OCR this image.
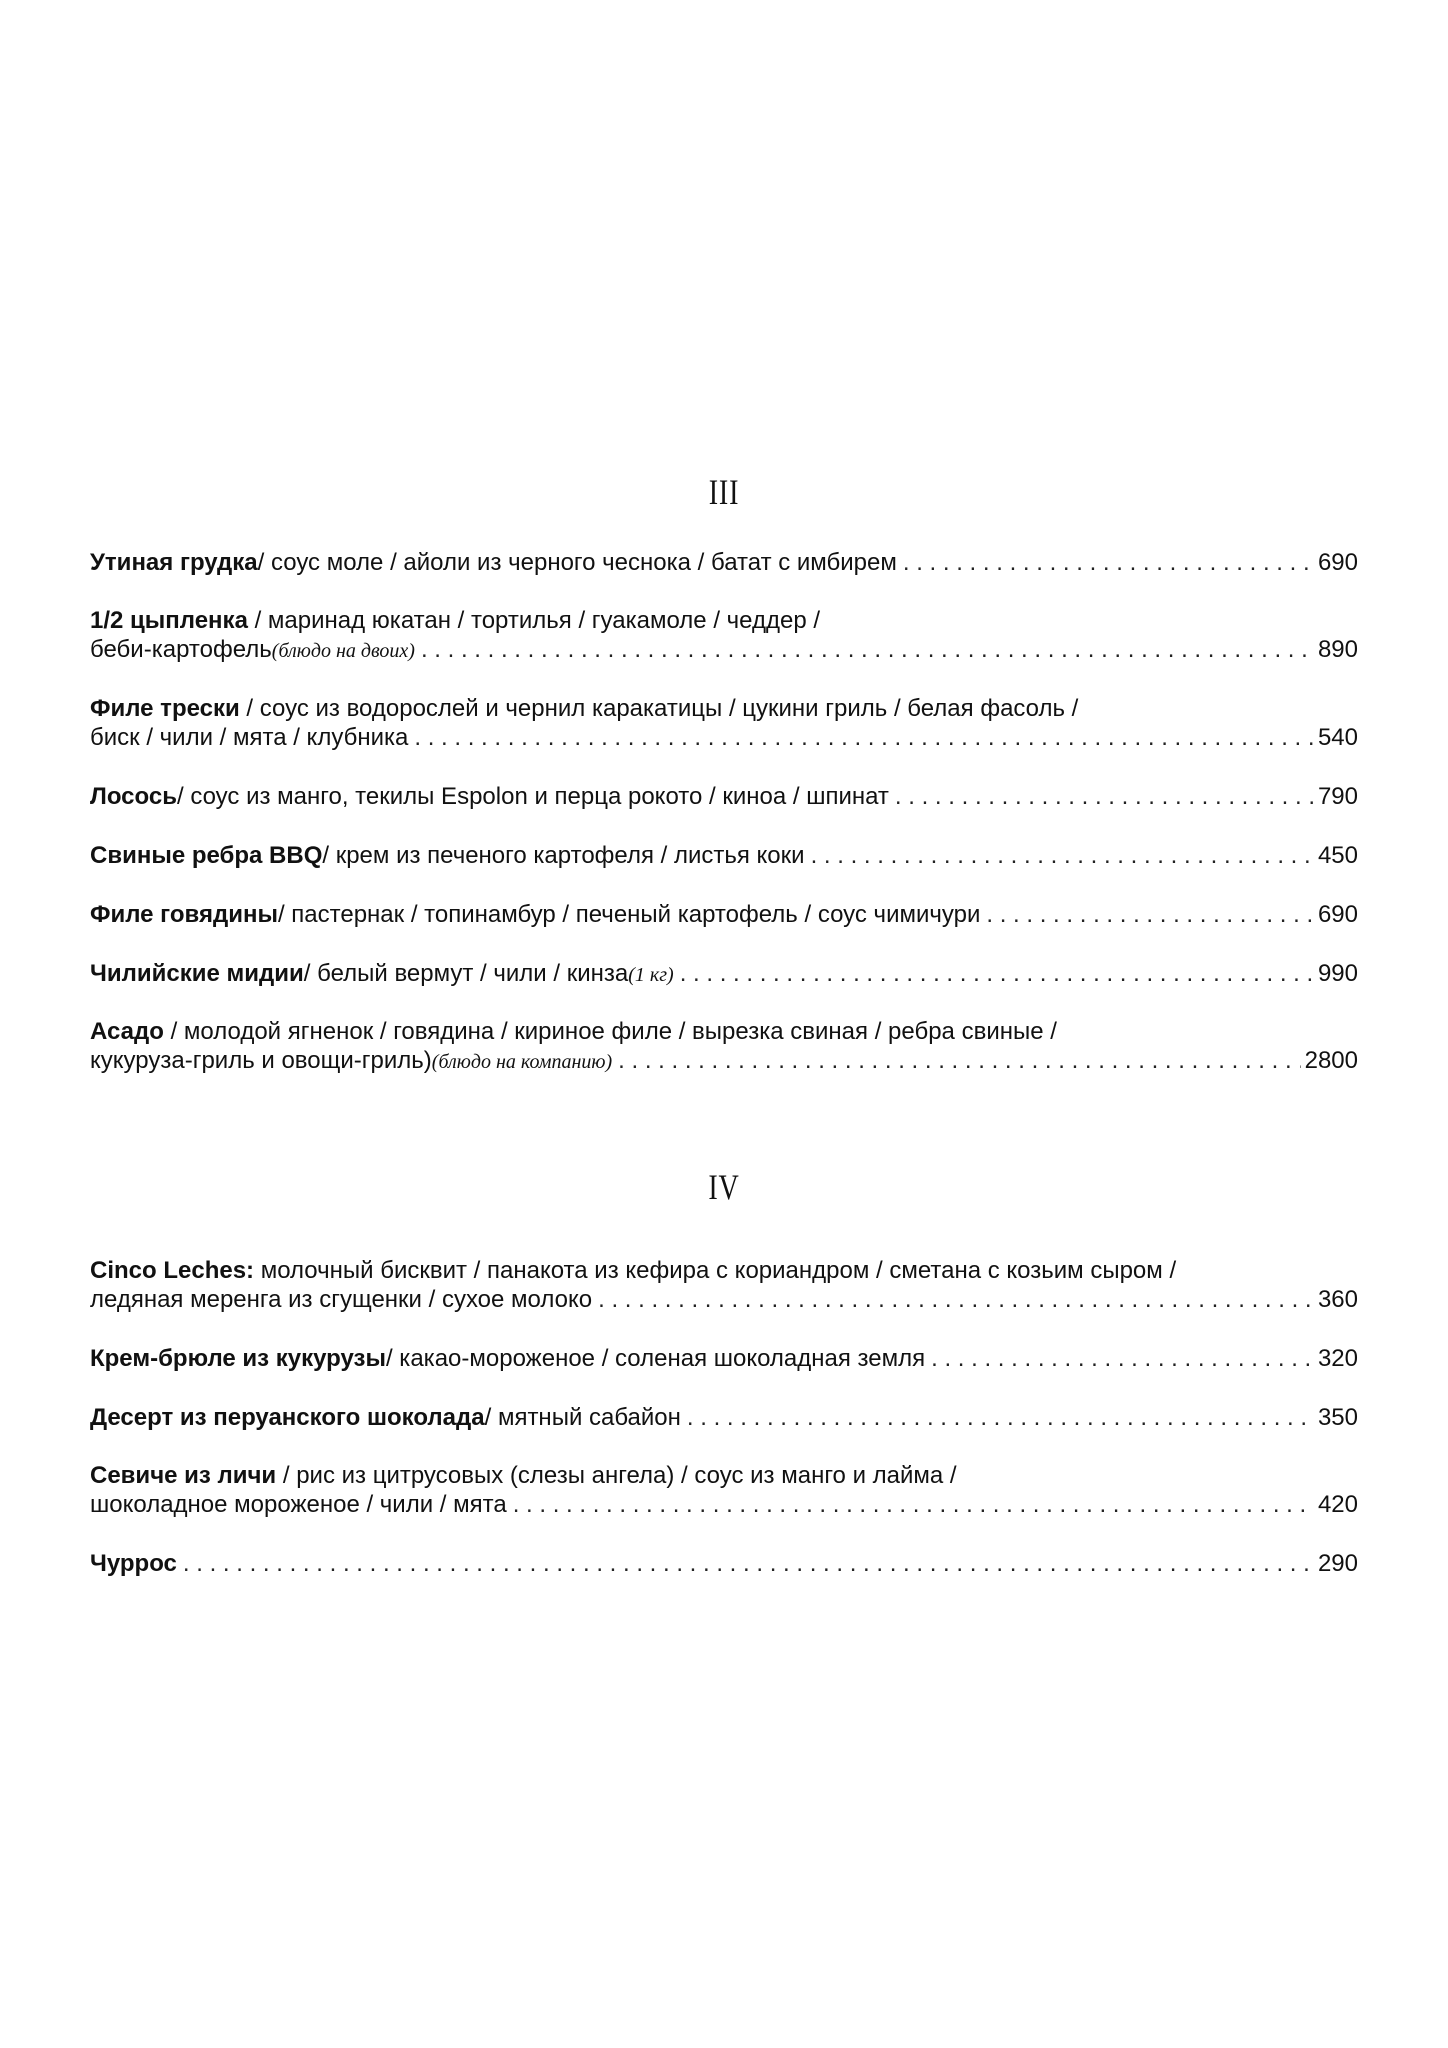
III
Утиная грудка / соус моле / айоли из черного чеснока / батат с имбирем . . .	690
1/2 цыпленка / маринад юкатан / тортилья / гуакамоле / чеддер /
беби-картофель (блюдо на двоих) . . .	890
Филе трески / соус из водорослей и чернил каракатицы / цукини гриль / белая фасоль /
биск / чили / мята / клубника . . .	540
Лосось / соус из манго, текилы Espolon и перца рокото / киноа / шпинат . . .	790
Свиные ребра BBQ / крем из печеного картофеля / листья коки . . .	450
Филе говядины / пастернак / топинамбур / печеный картофель / соус чимичури . . .	690
Чилийские мидии / белый вермут / чили / кинза (1 кг) . . .	990
Асадо / молодой ягненок / говядина / кириное филе / вырезка свиная / ребра свиные /
кукуруза-гриль и овощи-гриль) (блюдо на компанию) . . .	2800
IV
Cinco Leches: молочный бисквит / панакота из кефира с кориандром / сметана с козьим сыром /
ледяная меренга из сгущенки / сухое молоко . . .	360
Крем-брюле из кукурузы / какао-мороженое / соленая шоколадная земля . . .	320
Десерт из перуанского шоколада / мятный сабайон . . .	350
Севиче из личи / рис из цитрусовых (слезы ангела) / соус из манго и лайма /
шоколадное мороженое / чили / мята . . .	420
Чуррос . . .	290
